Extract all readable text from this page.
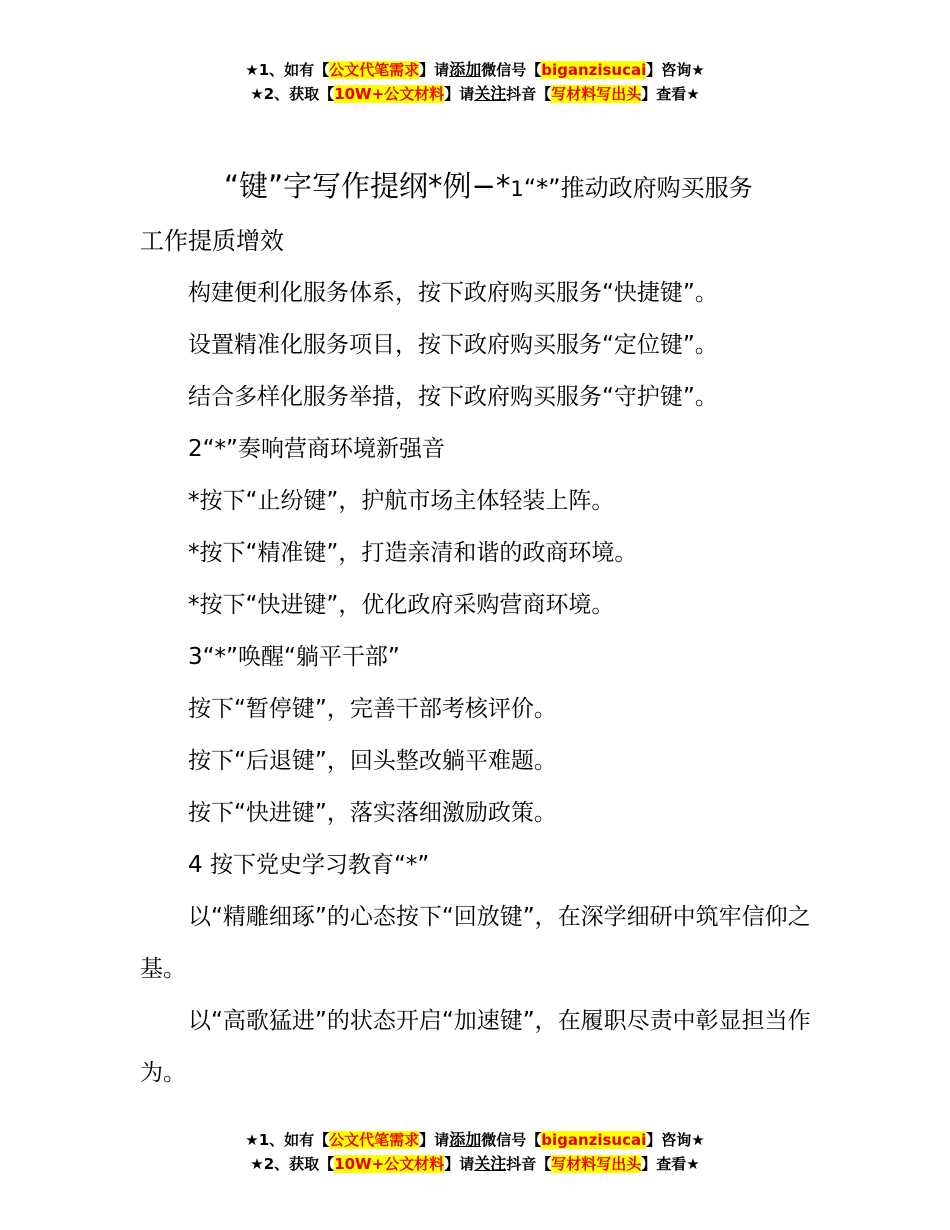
★1、如有【公文代笔需求】请添加微信号【biganzisucai】咨询★
★2、获取【10W+公文材料】请关注抖音【写材料写出头】查看★

“键”字写作提纲*例−*1“*”推动政府购买服务

工作提质增效

构建便利化服务体系，按下政府购买服务“快捷键”。

设置精准化服务项目，按下政府购买服务“定位键”。

结合多样化服务举措，按下政府购买服务“守护键”。

2“*”奏响营商环境新强音

*按下“止纷键”，护航市场主体轻装上阵。

*按下“精准键”，打造亲清和谐的政商环境。

*按下“快进键”，优化政府采购营商环境。

3“*”唤醒“躺平干部”

按下“暂停键”，完善干部考核评价。

按下“后退键”，回头整改躺平难题。

按下“快进键”，落实落细激励政策。

4 按下党史学习教育“*”

以“精雕细琢”的心态按下“回放键”，在深学细研中筑牢信仰之基。

以“高歌猛进”的状态开启“加速键”，在履职尽责中彰显担当作为。

★1、如有【公文代笔需求】请添加微信号【biganzisucai】咨询★
★2、获取【10W+公文材料】请关注抖音【写材料写出头】查看★
